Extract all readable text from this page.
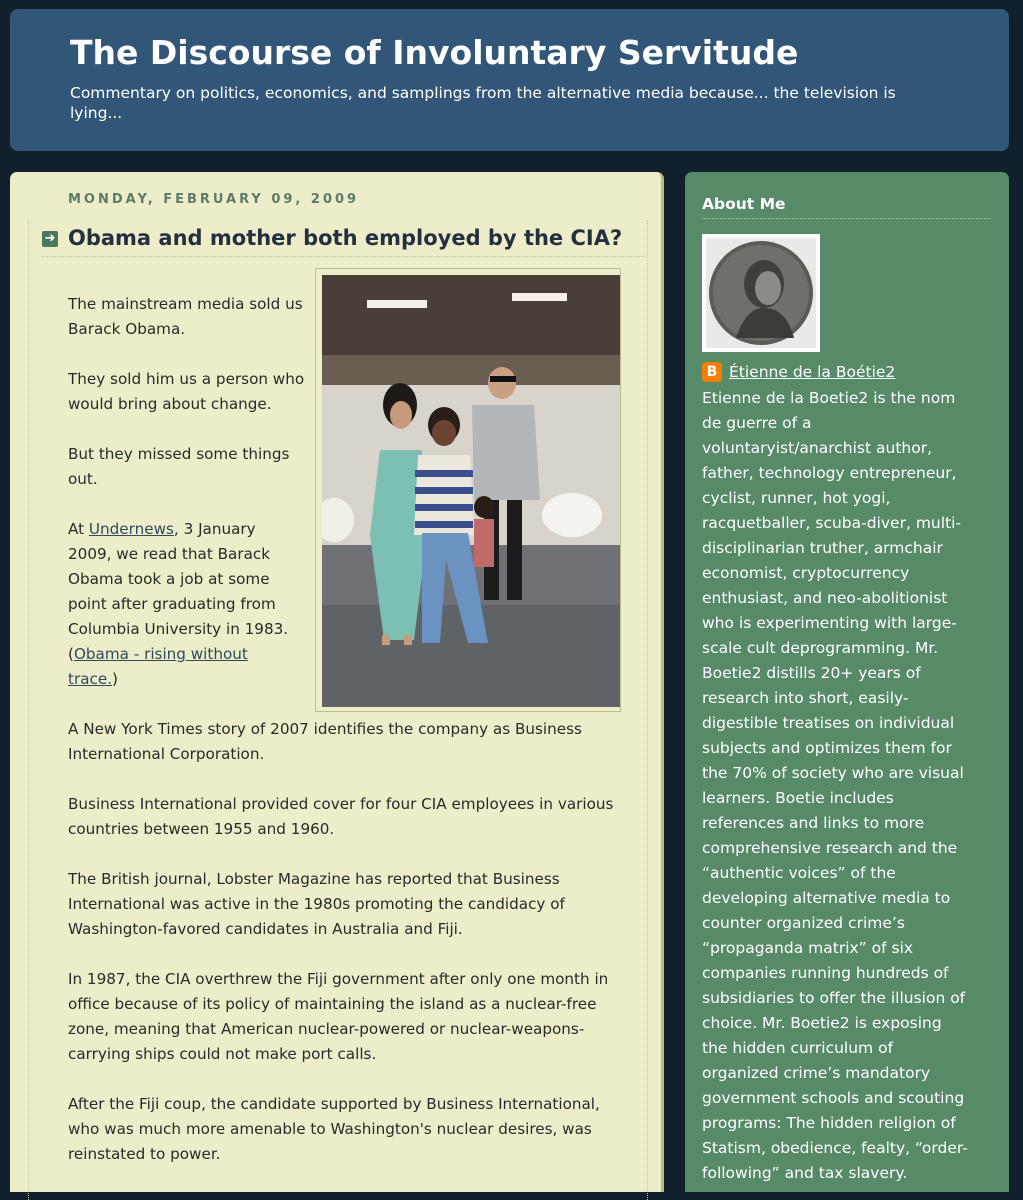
The Discourse of Involuntary Servitude

Commentary on politics, economics, and samplings from the alternative media because... the television is lying...

MONDAY, FEBRUARY 09, 2009
➜ Obama and mother both employed by the CIA?

The mainstream media sold us Barack Obama.

They sold him us a person who would bring about change.

But they missed some things out.

At Undernews, 3 January 2009, we read that Barack Obama took a job at some point after graduating from Columbia University in 1983. (Obama - rising without trace.)

A New York Times story of 2007 identifies the company as Business International Corporation.

Business International provided cover for four CIA employees in various countries between 1955 and 1960.

The British journal, Lobster Magazine has reported that Business International was active in the 1980s promoting the candidacy of Washington-favored candidates in Australia and Fiji.

In 1987, the CIA overthrew the Fiji government after only one month in office because of its policy of maintaining the island as a nuclear-free zone, meaning that American nuclear-powered or nuclear-weapons-carrying ships could not make port calls.

After the Fiji coup, the candidate supported by Business International, who was much more amenable to Washington's nuclear desires, was reinstated to power.

About Me
B Étienne de la Boétie2

Etienne de la Boetie2 is the nom de guerre of a voluntaryist/anarchist author, father, technology entrepreneur, cyclist, runner, hot yogi, racquetballer, scuba-diver, multi-disciplinarian truther, armchair economist, cryptocurrency enthusiast, and neo-abolitionist who is experimenting with large-scale cult deprogramming. Mr. Boetie2 distills 20+ years of research into short, easily-digestible treatises on individual subjects and optimizes them for the 70% of society who are visual learners. Boetie includes references and links to more comprehensive research and the “authentic voices” of the developing alternative media to counter organized crime’s “propaganda matrix” of six companies running hundreds of subsidiaries to offer the illusion of choice. Mr. Boetie2 is exposing the hidden curriculum of organized crime’s mandatory government schools and scouting programs: The hidden religion of Statism, obedience, fealty, “order-following” and tax slavery.
